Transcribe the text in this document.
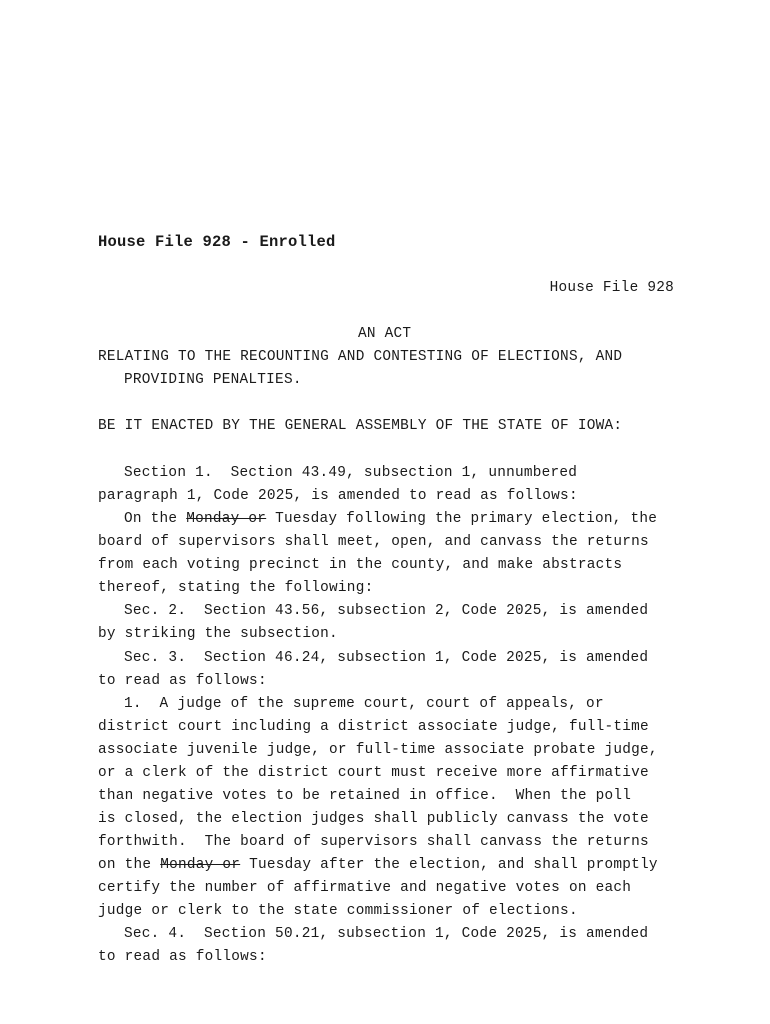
House File 928 - Enrolled
House File 928
AN ACT
RELATING TO THE RECOUNTING AND CONTESTING OF ELECTIONS, AND
PROVIDING PENALTIES.
BE IT ENACTED BY THE GENERAL ASSEMBLY OF THE STATE OF IOWA:
Section 1.  Section 43.49, subsection 1, unnumbered
paragraph 1, Code 2025, is amended to read as follows:
On the Monday or Tuesday following the primary election, the
board of supervisors shall meet, open, and canvass the returns
from each voting precinct in the county, and make abstracts
thereof, stating the following:
Sec. 2.  Section 43.56, subsection 2, Code 2025, is amended
by striking the subsection.
Sec. 3.  Section 46.24, subsection 1, Code 2025, is amended
to read as follows:
1.  A judge of the supreme court, court of appeals, or
district court including a district associate judge, full-time
associate juvenile judge, or full-time associate probate judge,
or a clerk of the district court must receive more affirmative
than negative votes to be retained in office.  When the poll
is closed, the election judges shall publicly canvass the vote
forthwith.  The board of supervisors shall canvass the returns
on the Monday or Tuesday after the election, and shall promptly
certify the number of affirmative and negative votes on each
judge or clerk to the state commissioner of elections.
Sec. 4.  Section 50.21, subsection 1, Code 2025, is amended
to read as follows:
